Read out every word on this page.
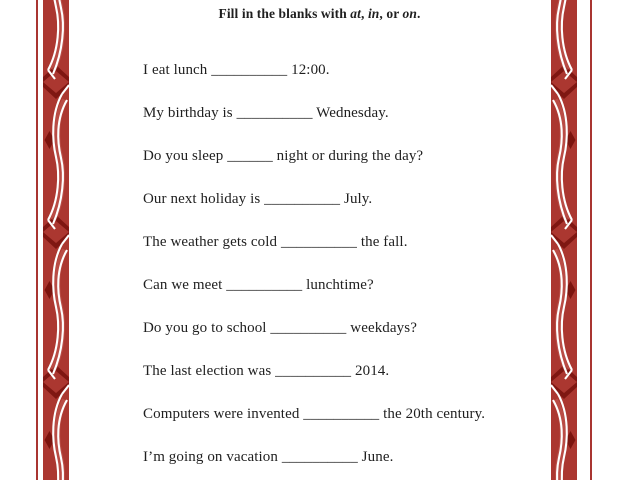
Fill in the blanks with at, in, or on.
I eat lunch __________ 12:00.
My birthday is __________ Wednesday.
Do you sleep ______ night or during the day?
Our next holiday is __________ July.
The weather gets cold __________ the fall.
Can we meet __________ lunchtime?
Do you go to school __________ weekdays?
The last election was __________ 2014.
Computers were invented __________ the 20th century.
I’m going on vacation __________ June.
